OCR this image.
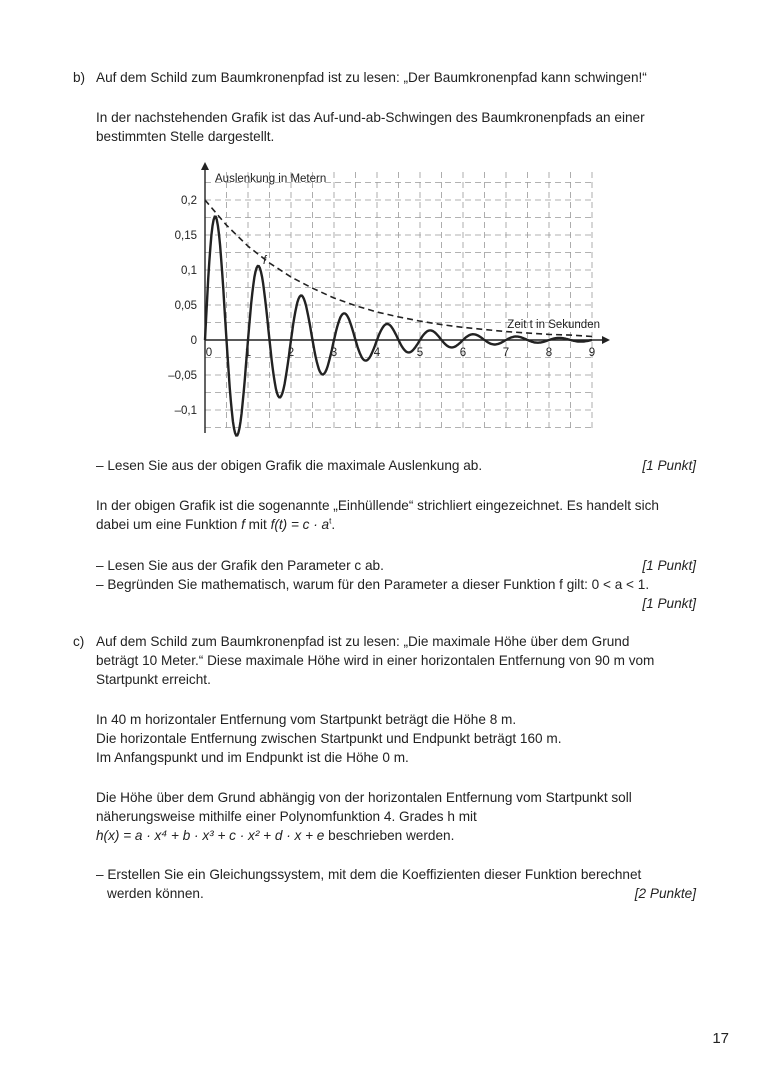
b) Auf dem Schild zum Baumkronenpfad ist zu lesen: „Der Baumkronenpfad kann schwingen!“
In der nachstehenden Grafik ist das Auf-und-ab-Schwingen des Baumkronenpfads an einer
bestimmten Stelle dargestellt.
0	1	2	3	4	5	6	7	8	9
0,2
0,15
0,1
0,05
0
–0,05
–0,1
Auslenkung in Metern
Zeit t in Sekunden
f
– Lesen Sie aus der obigen Grafik die maximale Auslenkung ab.	[1 Punkt]
In der obigen Grafik ist die sogenannte „Einhüllende“ strichliert eingezeichnet. Es handelt sich
dabei um eine Funktion f mit $f(t) = c \cdot a^t$.
– Lesen Sie aus der Grafik den Parameter c ab.	[1 Punkt]
– Begründen Sie mathematisch, warum für den Parameter a dieser Funktion f gilt: 0 < a < 1.
[1 Punkt]
c) Auf dem Schild zum Baumkronenpfad ist zu lesen: „Die maximale Höhe über dem Grund
beträgt 10 Meter.“ Diese maximale Höhe wird in einer horizontalen Entfernung von 90 m vom
Startpunkt erreicht.
In 40 m horizontaler Entfernung vom Startpunkt beträgt die Höhe 8 m.
Die horizontale Entfernung zwischen Startpunkt und Endpunkt beträgt 160 m.
Im Anfangspunkt und im Endpunkt ist die Höhe 0 m.
Die Höhe über dem Grund abhängig von der horizontalen Entfernung vom Startpunkt soll
näherungsweise mithilfe einer Polynomfunktion 4. Grades h mit
h(x) = a · x⁴ + b · x³ + c · x² + d · x + e beschrieben werden.
– Erstellen Sie ein Gleichungssystem, mit dem die Koeffizienten dieser Funktion berechnet
werden können.	[2 Punkte]
17
